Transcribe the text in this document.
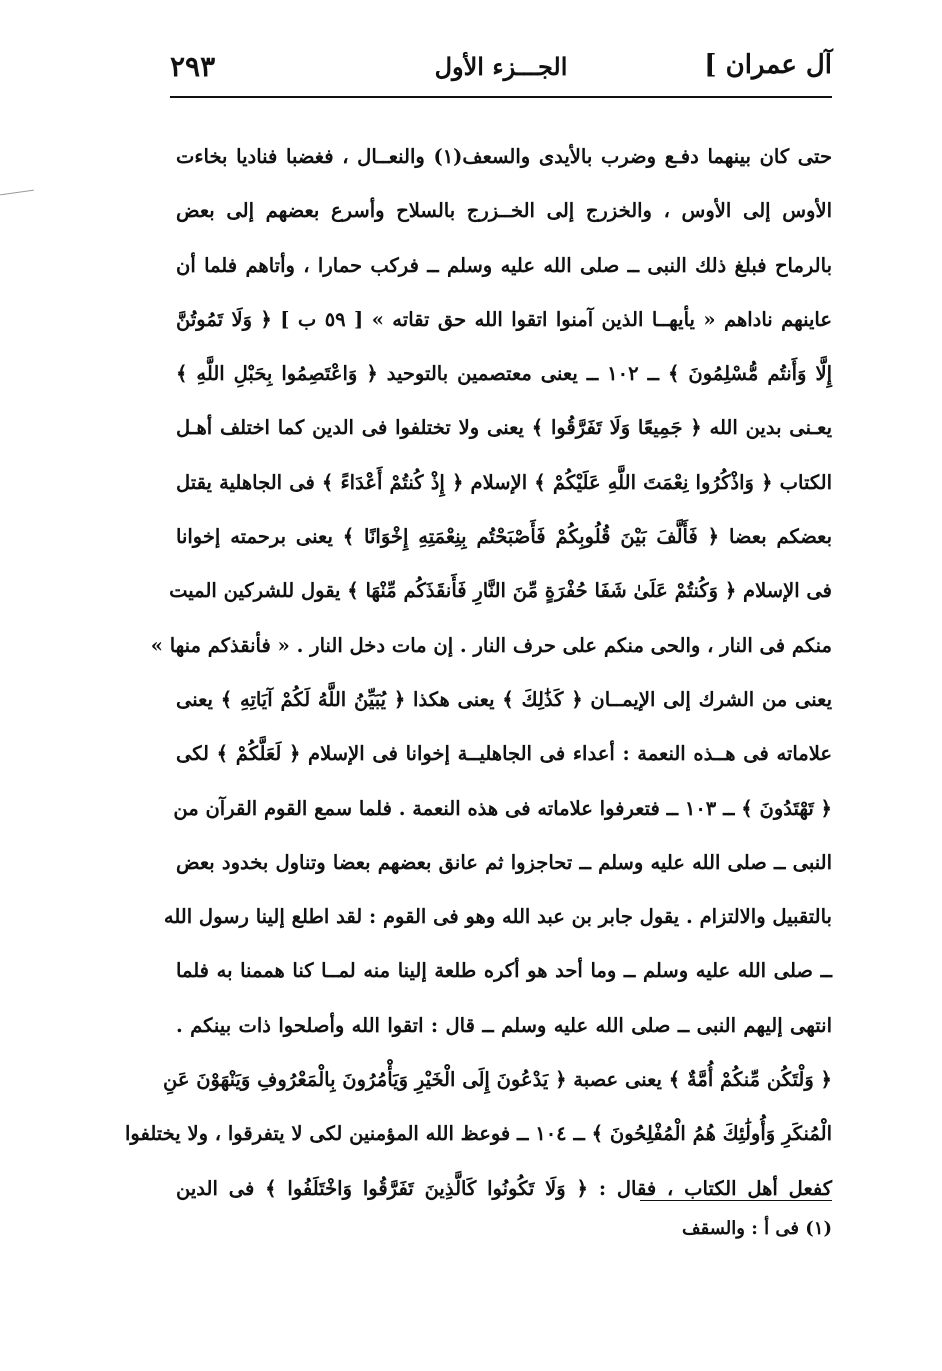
آل عمران ]
الجـــزء الأول
٢٩٣
حتى كان بينهما دفـع وضرب بالأيدى والسعف(١) والنعــال ، فغضبا فناديا بخاءت
الأوس إلى الأوس ، والخزرج إلى الخــزرج بالسلاح وأسرع بعضهم إلى بعض
بالرماح فبلغ ذلك النبى ــ صلى الله عليه وسلم ــ فركب حمارا ، وأتاهم فلما أن
عاينهم ناداهم « يأيهــا الذين آمنوا اتقوا الله حق تقاته » [ ٥٩ ب ] ﴿ وَلَا تَمُوتُنَّ
إِلَّا وَأَنتُم مُّسْلِمُونَ ﴾ ــ ١٠٢ ــ يعنى معتصمين بالتوحيد ﴿ وَاعْتَصِمُوا بِحَبْلِ اللَّهِ ﴾
يعـنى بدين الله ﴿ جَمِيعًا وَلَا تَفَرَّقُوا ﴾ يعنى ولا تختلفوا فى الدين كما اختلف أهـل
الكتاب ﴿ وَاذْكُرُوا نِعْمَتَ اللَّهِ عَلَيْكُمْ ﴾ الإسلام ﴿ إِذْ كُنتُمْ أَعْدَاءً ﴾ فى الجاهلية يقتل
بعضكم بعضا ﴿ فَأَلَّفَ بَيْنَ قُلُوبِكُمْ فَأَصْبَحْتُم بِنِعْمَتِهِ إِخْوَانًا ﴾ يعنى برحمته إخوانا
فى الإسلام ﴿ وَكُنتُمْ عَلَىٰ شَفَا حُفْرَةٍ مِّنَ النَّارِ فَأَنقَذَكُم مِّنْهَا ﴾ يقول للشركين الميت
منكم فى النار ، والحى منكم على حرف النار . إن مات دخل النار . « فأنقذكم منها »
يعنى من الشرك إلى الإيمــان ﴿ كَذَٰلِكَ ﴾ يعنى هكذا ﴿ يُبَيِّنُ اللَّهُ لَكُمْ آيَاتِهِ ﴾ يعنى
علاماته فى هــذه النعمة : أعداء فى الجاهليــة إخوانا فى الإسلام ﴿ لَعَلَّكُمْ ﴾ لكى
﴿ تَهْتَدُونَ ﴾ ــ ١٠٣ ــ فتعرفوا علاماته فى هذه النعمة . فلما سمع القوم القرآن من
النبى ــ صلى الله عليه وسلم ــ تحاجزوا ثم عانق بعضهم بعضا وتناول بخدود بعض
بالتقبيل والالتزام . يقول جابر بن عبد الله وهو فى القوم : لقد اطلع إلينا رسول الله
ــ صلى الله عليه وسلم ــ وما أحد هو أكره طلعة إلينا منه لمــا كنا هممنا به فلما
انتهى إليهم النبى ــ صلى الله عليه وسلم ــ قال : اتقوا الله وأصلحوا ذات بينكم .
﴿ وَلْتَكُن مِّنكُمْ أُمَّةٌ ﴾ يعنى عصبة ﴿ يَدْعُونَ إِلَى الْخَيْرِ وَيَأْمُرُونَ بِالْمَعْرُوفِ وَيَنْهَوْنَ عَنِ
الْمُنكَرِ وَأُولَٰئِكَ هُمُ الْمُفْلِحُونَ ﴾ ــ ١٠٤ ــ فوعظ الله المؤمنين لكى لا يتفرقوا ، ولا يختلفوا
كفعل أهل الكتاب ، فقال : ﴿ وَلَا تَكُونُوا كَالَّذِينَ تَفَرَّقُوا وَاخْتَلَفُوا ﴾ فى الدين
(١) فى أ : والسقف
